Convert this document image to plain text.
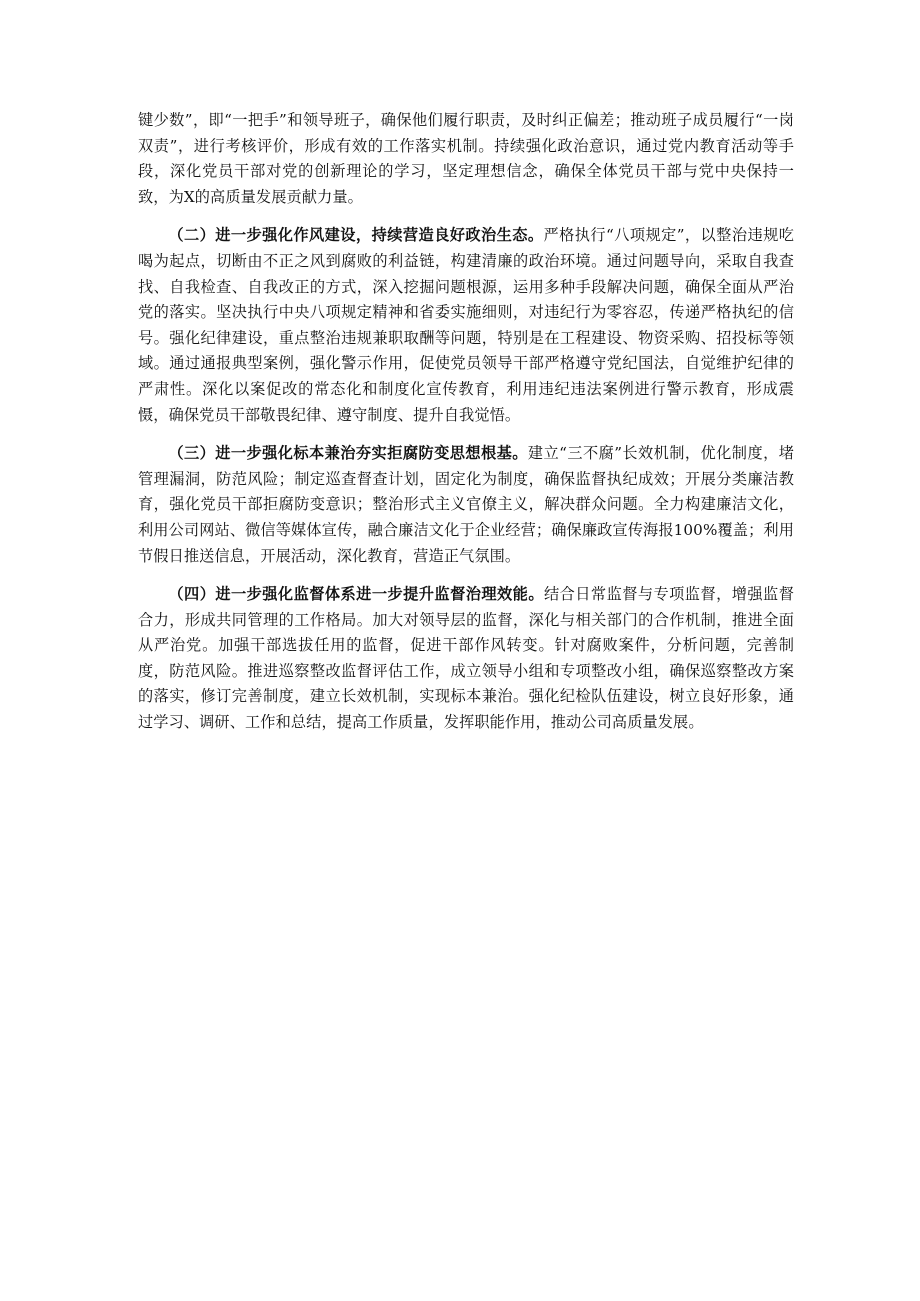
键少数”，即“一把手”和领导班子，确保他们履行职责，及时纠正偏差；推动班子成员履行“一岗双责”，进行考核评价，形成有效的工作落实机制。持续强化政治意识，通过党内教育活动等手段，深化党员干部对党的创新理论的学习，坚定理想信念，确保全体党员干部与党中央保持一致，为X的高质量发展贡献力量。

（二）进一步强化作风建设，持续营造良好政治生态。严格执行“八项规定”，以整治违规吃喝为起点，切断由不正之风到腐败的利益链，构建清廉的政治环境。通过问题导向，采取自我查找、自我检查、自我改正的方式，深入挖掘问题根源，运用多种手段解决问题，确保全面从严治党的落实。坚决执行中央八项规定精神和省委实施细则，对违纪行为零容忍，传递严格执纪的信号。强化纪律建设，重点整治违规兼职取酬等问题，特别是在工程建设、物资采购、招投标等领域。通过通报典型案例，强化警示作用，促使党员领导干部严格遵守党纪国法，自觉维护纪律的严肃性。深化以案促改的常态化和制度化宣传教育，利用违纪违法案例进行警示教育，形成震慑，确保党员干部敬畏纪律、遵守制度、提升自我觉悟。

（三）进一步强化标本兼治夯实拒腐防变思想根基。建立“三不腐”长效机制，优化制度，堵管理漏洞，防范风险；制定巡查督查计划，固定化为制度，确保监督执纪成效；开展分类廉洁教育，强化党员干部拒腐防变意识；整治形式主义官僚主义，解决群众问题。全力构建廉洁文化，利用公司网站、微信等媒体宣传，融合廉洁文化于企业经营；确保廉政宣传海报100%覆盖；利用节假日推送信息，开展活动，深化教育，营造正气氛围。

（四）进一步强化监督体系进一步提升监督治理效能。结合日常监督与专项监督，增强监督合力，形成共同管理的工作格局。加大对领导层的监督，深化与相关部门的合作机制，推进全面从严治党。加强干部选拔任用的监督，促进干部作风转变。针对腐败案件，分析问题，完善制度，防范风险。推进巡察整改监督评估工作，成立领导小组和专项整改小组，确保巡察整改方案的落实，修订完善制度，建立长效机制，实现标本兼治。强化纪检队伍建设，树立良好形象，通过学习、调研、工作和总结，提高工作质量，发挥职能作用，推动公司高质量发展。
